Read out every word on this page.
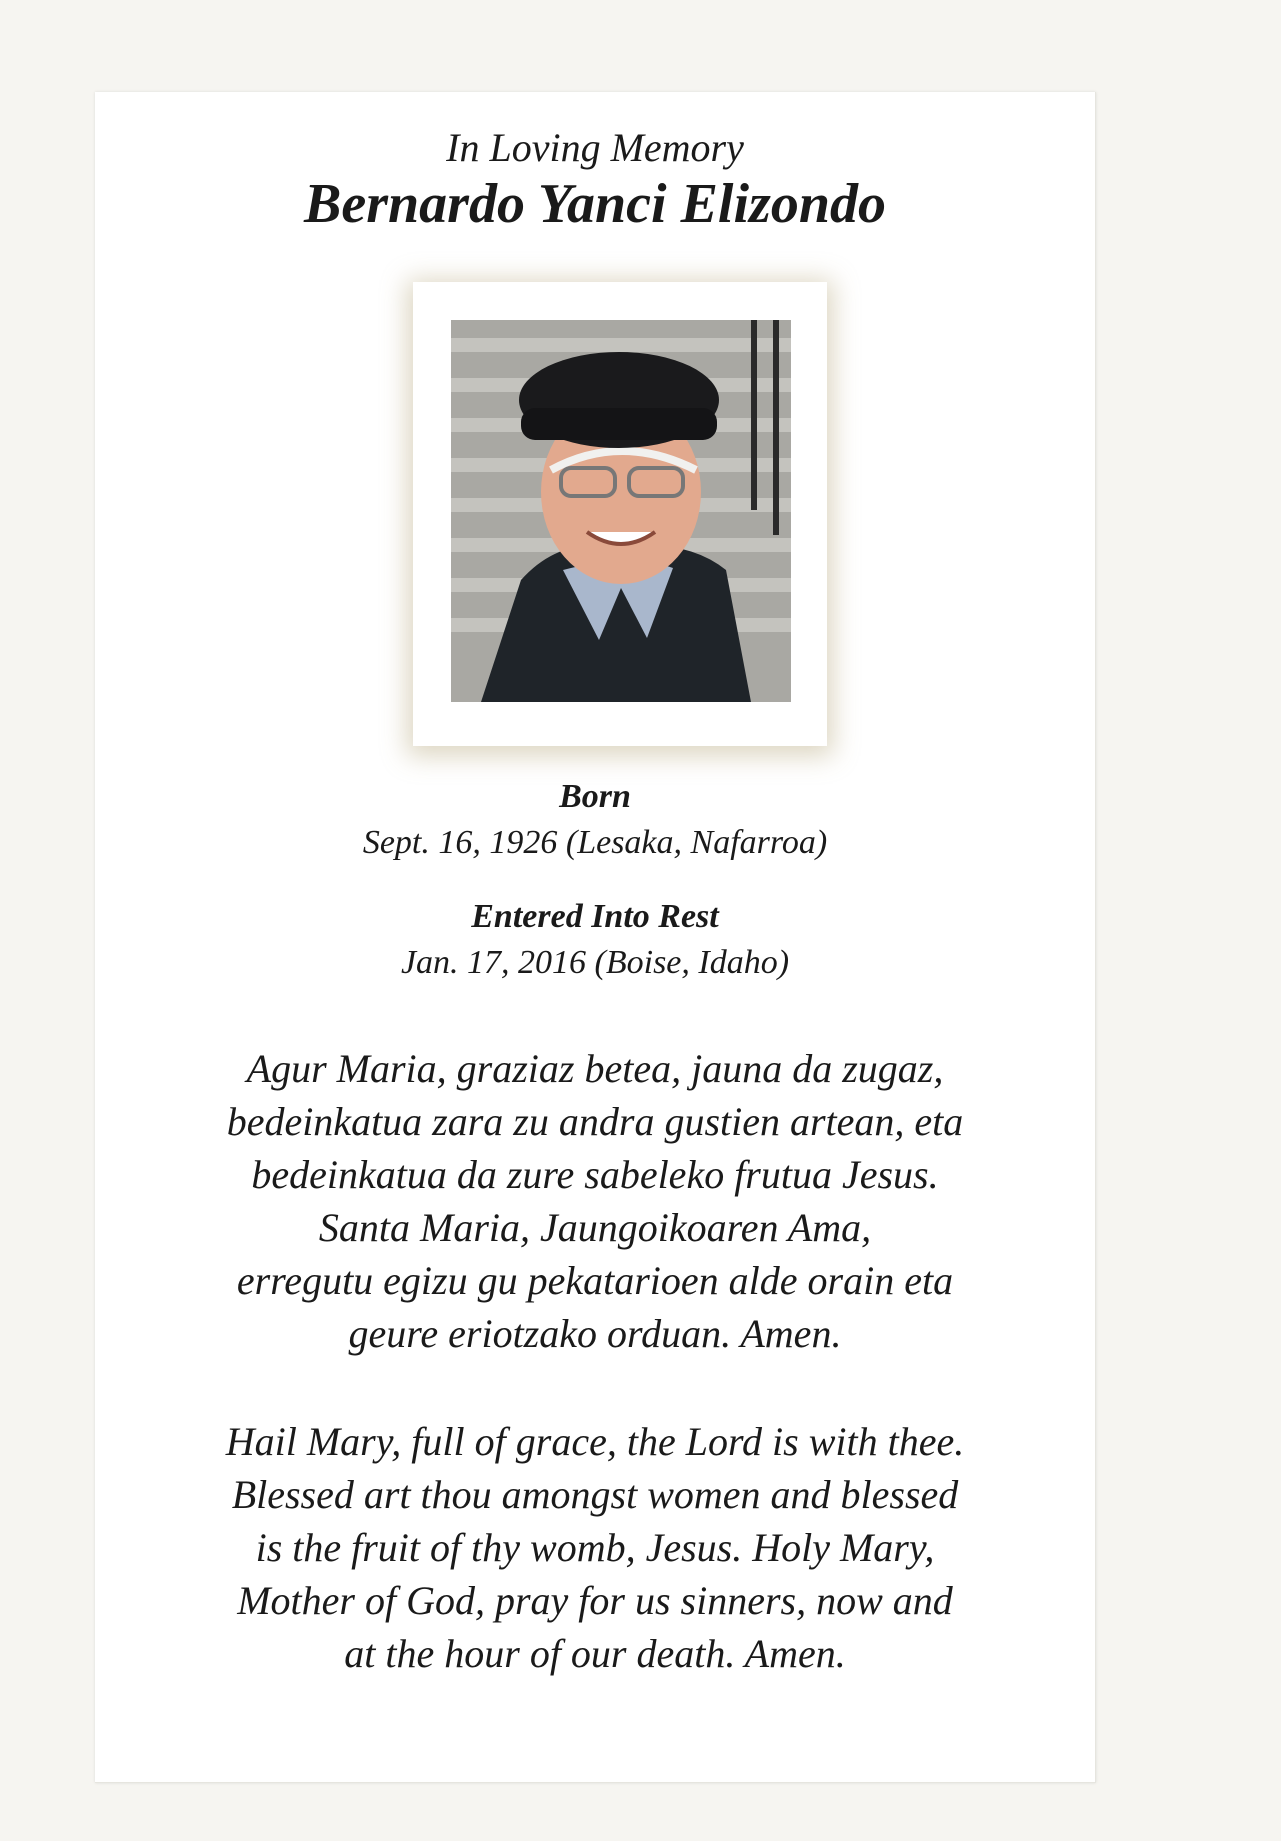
In Loving Memory
Bernardo Yanci Elizondo
Born
Sept. 16, 1926 (Lesaka, Nafarroa)
Entered Into Rest
Jan. 17, 2016 (Boise, Idaho)
Agur Maria, graziaz betea, jauna da zugaz,
bedeinkatua zara zu andra gustien artean, eta
bedeinkatua da zure sabeleko frutua Jesus.
Santa Maria, Jaungoikoaren Ama,
erregutu egizu gu pekatarioen alde orain eta
geure eriotzako orduan. Amen.
Hail Mary, full of grace, the Lord is with thee.
Blessed art thou amongst women and blessed
is the fruit of thy womb, Jesus. Holy Mary,
Mother of God, pray for us sinners, now and
at the hour of our death. Amen.
